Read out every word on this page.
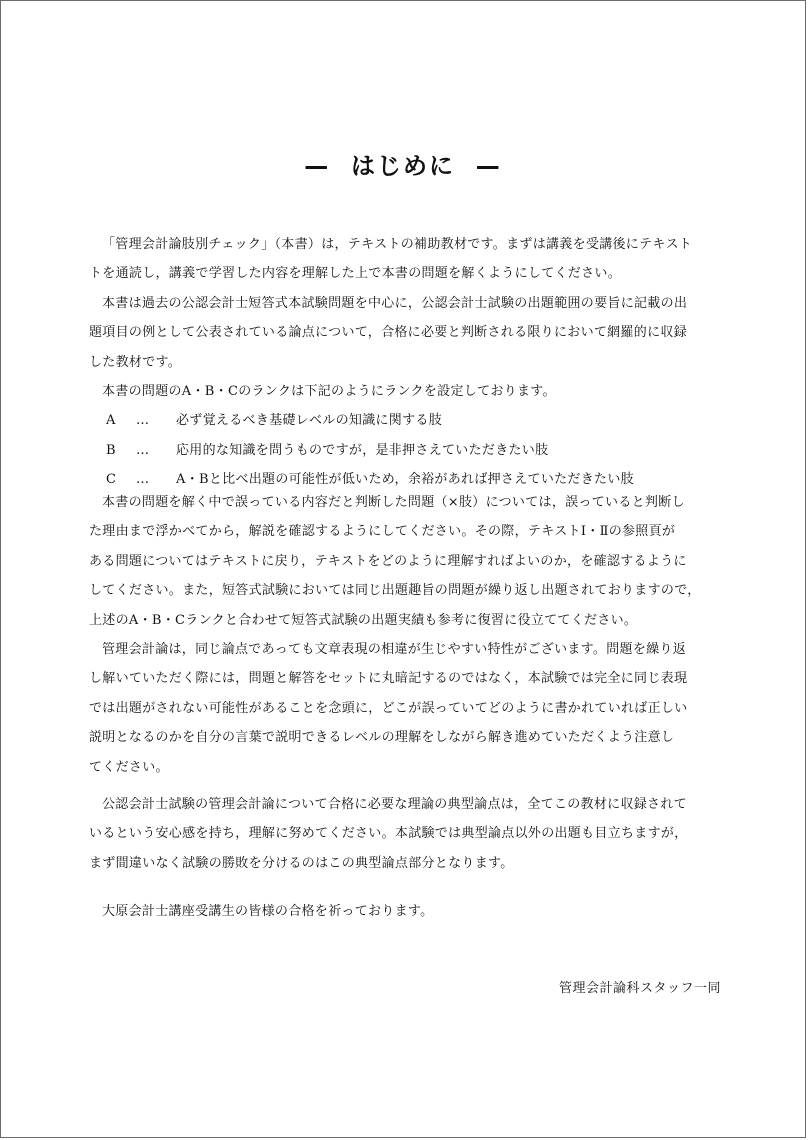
—  はじめに  —
「管理会計論肢別チェック」（本書）は，テキストの補助教材です。まずは講義を受講後にテキスト
トを通読し，講義で学習した内容を理解した上で本書の問題を解くようにしてください。
本書は過去の公認会計士短答式本試験問題を中心に，公認会計士試験の出題範囲の要旨に記載の出
題項目の例として公表されている論点について，合格に必要と判断される限りにおいて網羅的に収録
した教材です。
本書の問題のA・B・Cのランクは下記のようにランクを設定しております。
A	…	必ず覚えるべき基礎レベルの知識に関する肢
B	…	応用的な知識を問うものですが，是非押さえていただきたい肢
C	…	A・Bと比べ出題の可能性が低いため，余裕があれば押さえていただきたい肢
本書の問題を解く中で誤っている内容だと判断した問題（×肢）については，誤っていると判断し
た理由まで浮かべてから，解説を確認するようにしてください。その際，テキストⅠ・Ⅱの参照頁が
ある問題についてはテキストに戻り，テキストをどのように理解すればよいのか，を確認するように
してください。また，短答式試験においては同じ出題趣旨の問題が繰り返し出題されておりますので，
上述のA・B・Cランクと合わせて短答式試験の出題実績も参考に復習に役立ててください。
管理会計論は，同じ論点であっても文章表現の相違が生じやすい特性がございます。問題を繰り返
し解いていただく際には，問題と解答をセットに丸暗記するのではなく，本試験では完全に同じ表現
では出題がされない可能性があることを念頭に，どこが誤っていてどのように書かれていれば正しい
説明となるのかを自分の言葉で説明できるレベルの理解をしながら解き進めていただくよう注意し
てください。
公認会計士試験の管理会計論について合格に必要な理論の典型論点は，全てこの教材に収録されて
いるという安心感を持ち，理解に努めてください。本試験では典型論点以外の出題も目立ちますが，
まず間違いなく試験の勝敗を分けるのはこの典型論点部分となります。
大原会計士講座受講生の皆様の合格を祈っております。
管理会計論科スタッフ一同
